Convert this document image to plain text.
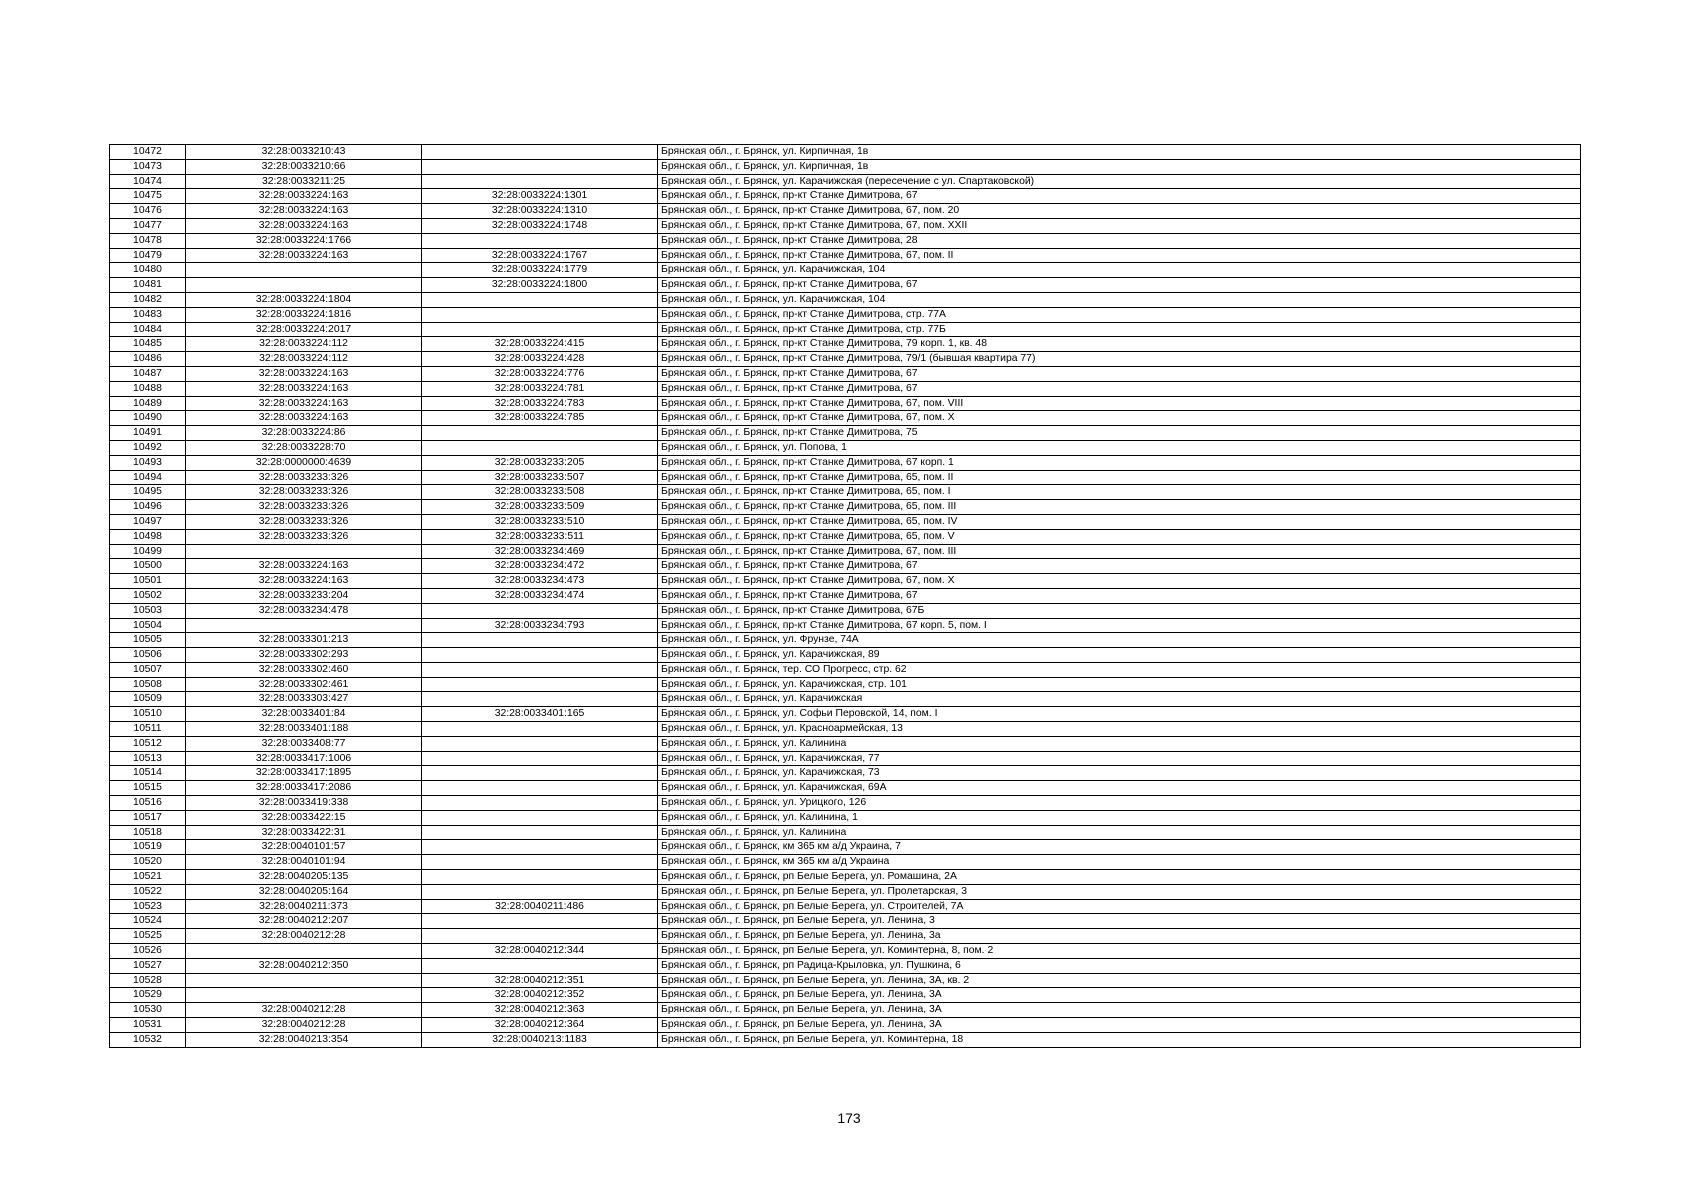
10472	32:28:0033210:43		Брянская обл., г. Брянск, ул. Кирпичная, 1в
10473	32:28:0033210:66		Брянская обл., г. Брянск, ул. Кирпичная, 1в
10474	32:28:0033211:25		Брянская обл., г. Брянск, ул. Карачижская (пересечение с ул. Спартаковской)
10475	32:28:0033224:163	32:28:0033224:1301	Брянская обл., г. Брянск, пр-кт Станке Димитрова, 67
10476	32:28:0033224:163	32:28:0033224:1310	Брянская обл., г. Брянск, пр-кт Станке Димитрова, 67, пом. 20
10477	32:28:0033224:163	32:28:0033224:1748	Брянская обл., г. Брянск, пр-кт Станке Димитрова, 67, пом. XXII
10478	32:28:0033224:1766		Брянская обл., г. Брянск, пр-кт Станке Димитрова, 28
10479	32:28:0033224:163	32:28:0033224:1767	Брянская обл., г. Брянск, пр-кт Станке Димитрова, 67, пом. II
10480		32:28:0033224:1779	Брянская обл., г. Брянск, ул. Карачижская, 104
10481		32:28:0033224:1800	Брянская обл., г. Брянск, пр-кт Станке Димитрова, 67
10482	32:28:0033224:1804		Брянская обл., г. Брянск, ул. Карачижская, 104
10483	32:28:0033224:1816		Брянская обл., г. Брянск, пр-кт Станке Димитрова, стр. 77А
10484	32:28:0033224:2017		Брянская обл., г. Брянск, пр-кт Станке Димитрова, стр. 77Б
10485	32:28:0033224:112	32:28:0033224:415	Брянская обл., г. Брянск, пр-кт Станке Димитрова, 79 корп. 1, кв. 48
10486	32:28:0033224:112	32:28:0033224:428	Брянская обл., г. Брянск, пр-кт Станке Димитрова, 79/1 (бывшая квартира 77)
10487	32:28:0033224:163	32:28:0033224:776	Брянская обл., г. Брянск, пр-кт Станке Димитрова, 67
10488	32:28:0033224:163	32:28:0033224:781	Брянская обл., г. Брянск, пр-кт Станке Димитрова, 67
10489	32:28:0033224:163	32:28:0033224:783	Брянская обл., г. Брянск, пр-кт Станке Димитрова, 67, пом. VIII
10490	32:28:0033224:163	32:28:0033224:785	Брянская обл., г. Брянск, пр-кт Станке Димитрова, 67, пом. X
10491	32:28:0033224:86		Брянская обл., г. Брянск, пр-кт Станке Димитрова, 75
10492	32:28:0033228:70		Брянская обл., г. Брянск, ул. Попова, 1
10493	32:28:0000000:4639	32:28:0033233:205	Брянская обл., г. Брянск, пр-кт Станке Димитрова, 67 корп. 1
10494	32:28:0033233:326	32:28:0033233:507	Брянская обл., г. Брянск, пр-кт Станке Димитрова, 65, пом. II
10495	32:28:0033233:326	32:28:0033233:508	Брянская обл., г. Брянск, пр-кт Станке Димитрова, 65, пом. I
10496	32:28:0033233:326	32:28:0033233:509	Брянская обл., г. Брянск, пр-кт Станке Димитрова, 65, пом. III
10497	32:28:0033233:326	32:28:0033233:510	Брянская обл., г. Брянск, пр-кт Станке Димитрова, 65, пом. IV
10498	32:28:0033233:326	32:28:0033233:511	Брянская обл., г. Брянск, пр-кт Станке Димитрова, 65, пом. V
10499		32:28:0033234:469	Брянская обл., г. Брянск, пр-кт Станке Димитрова, 67, пом. III
10500	32:28:0033224:163	32:28:0033234:472	Брянская обл., г. Брянск, пр-кт Станке Димитрова, 67
10501	32:28:0033224:163	32:28:0033234:473	Брянская обл., г. Брянск, пр-кт Станке Димитрова, 67, пом. X
10502	32:28:0033233:204	32:28:0033234:474	Брянская обл., г. Брянск, пр-кт Станке Димитрова, 67
10503	32:28:0033234:478		Брянская обл., г. Брянск, пр-кт Станке Димитрова, 67Б
10504		32:28:0033234:793	Брянская обл., г. Брянск, пр-кт Станке Димитрова, 67 корп. 5, пом. I
10505	32:28:0033301:213		Брянская обл., г. Брянск, ул. Фрунзе, 74А
10506	32:28:0033302:293		Брянская обл., г. Брянск, ул. Карачижская, 89
10507	32:28:0033302:460		Брянская обл., г. Брянск, тер. СО Прогресс, стр. 62
10508	32:28:0033302:461		Брянская обл., г. Брянск, ул. Карачижская, стр. 101
10509	32:28:0033303:427		Брянская обл., г. Брянск, ул. Карачижская
10510	32:28:0033401:84	32:28:0033401:165	Брянская обл., г. Брянск, ул. Софьи Перовской, 14, пом. I
10511	32:28:0033401:188		Брянская обл., г. Брянск, ул. Красноармейская, 13
10512	32:28:0033408:77		Брянская обл., г. Брянск, ул. Калинина
10513	32:28:0033417:1006		Брянская обл., г. Брянск, ул. Карачижская, 77
10514	32:28:0033417:1895		Брянская обл., г. Брянск, ул. Карачижская, 73
10515	32:28:0033417:2086		Брянская обл., г. Брянск, ул. Карачижская, 69А
10516	32:28:0033419:338		Брянская обл., г. Брянск, ул. Урицкого, 126
10517	32:28:0033422:15		Брянская обл., г. Брянск, ул. Калинина, 1
10518	32:28:0033422:31		Брянская обл., г. Брянск, ул. Калинина
10519	32:28:0040101:57		Брянская обл., г. Брянск, км 365 км а/д Украина, 7
10520	32:28:0040101:94		Брянская обл., г. Брянск, км 365 км а/д Украина
10521	32:28:0040205:135		Брянская обл., г. Брянск, рп Белые Берега, ул. Ромашина, 2А
10522	32:28:0040205:164		Брянская обл., г. Брянск, рп Белые Берега, ул. Пролетарская, 3
10523	32:28:0040211:373	32:28:0040211:486	Брянская обл., г. Брянск, рп Белые Берега, ул. Строителей, 7А
10524	32:28:0040212:207		Брянская обл., г. Брянск, рп Белые Берега, ул. Ленина, 3
10525	32:28:0040212:28		Брянская обл., г. Брянск, рп Белые Берега, ул. Ленина, 3а
10526		32:28:0040212:344	Брянская обл., г. Брянск, рп Белые Берега, ул. Коминтерна, 8, пом. 2
10527	32:28:0040212:350		Брянская обл., г. Брянск, рп Радица-Крыловка, ул. Пушкина, 6
10528		32:28:0040212:351	Брянская обл., г. Брянск, рп Белые Берега, ул. Ленина, 3А, кв. 2
10529		32:28:0040212:352	Брянская обл., г. Брянск, рп Белые Берега, ул. Ленина, 3А
10530	32:28:0040212:28	32:28:0040212:363	Брянская обл., г. Брянск, рп Белые Берега, ул. Ленина, 3А
10531	32:28:0040212:28	32:28:0040212:364	Брянская обл., г. Брянск, рп Белые Берега, ул. Ленина, 3А
10532	32:28:0040213:354	32:28:0040213:1183	Брянская обл., г. Брянск, рп Белые Берега, ул. Коминтерна, 18
173
